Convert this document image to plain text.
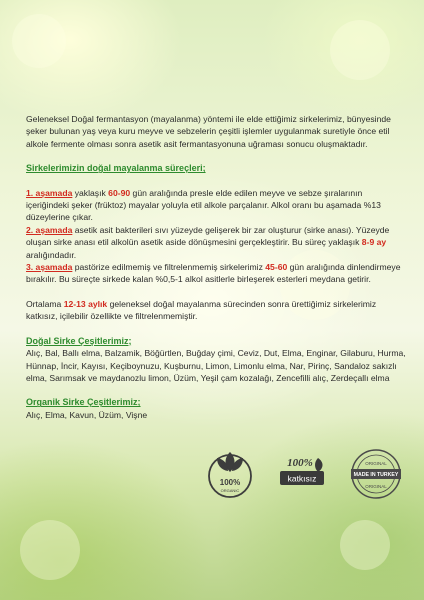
Geleneksel Doğal fermantasyon (mayalanma) yöntemi ile elde ettiğimiz sirkelerimiz, bünyesinde şeker bulunan yaş veya kuru meyve ve sebzelerin çeşitli işlemler uygulanmak suretiyle önce etil alkole fermente olması sonra asetik asit fermantasyonuna uğraması sonucu oluşmaktadır.

Sirkelerimizin doğal mayalanma süreçleri;

1. aşamada yaklaşık 60-90 gün aralığında presle elde edilen meyve ve sebze şıralarının içeriğindeki şeker (früktoz) mayalar yoluyla etil alkole parçalanır. Alkol oranı bu aşamada %13 düzeylerine çıkar.

2. aşamada asetik asit bakterileri sıvı yüzeyde gelişerek bir zar oluşturur (sirke anası). Yüzeyde oluşan sirke anası etil alkolün asetik aside dönüşmesini gerçekleştirir. Bu süreç yaklaşık 8-9 ay aralığındadır.

3. aşamada pastörize edilmemiş ve filtrelenmemiş sirkelerimiz 45-60 gün aralığında dinlendirmeye bırakılır. Bu süreçte sirkede kalan %0,5-1 alkol asitlerle birleşerek esterleri meydana getirir.

Ortalama 12-13 aylık geleneksel doğal mayalanma sürecinden sonra ürettiğimiz sirkelerimiz katkısız, içilebilir özellikte ve filtrelenmemiştir.

Doğal Sirke Çeşitlerimiz;

Alıç, Bal, Ballı elma, Balzamik, Böğürtlen, Buğday çimi, Ceviz, Dut, Elma, Enginar, Gilaburu, Hurma, Hünnap, İncir, Kayısı, Keçiboynuzu, Kuşburnu, Limon, Limonlu elma, Nar, Pirinç, Sandaloz sakızlı elma, Sarımsak ve maydanozlu limon, Üzüm, Yeşil çam kozalağı, Zencefilli alıç, Zerdeçallı elma

Organik Sirke Çeşitlerimiz;

Alıç, Elma, Kavun, Üzüm, Vişne

100%
ORGANIC
100%
katkısız
ORIGINAL
MADE IN TURKEY
ORIGINAL
